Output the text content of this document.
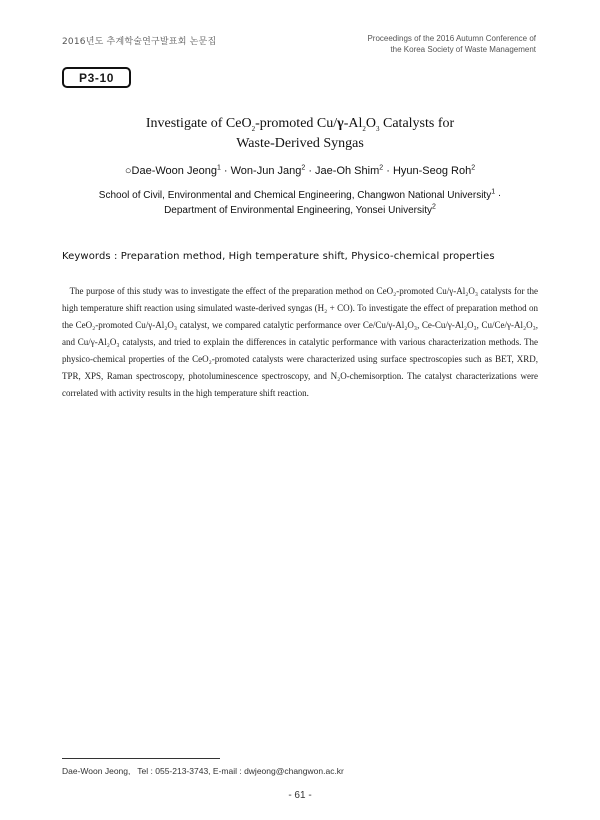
2016년도 추계학술연구발표회 논문집	Proceedings of the 2016 Autumn Conference of
the Korea Society of Waste Management
P3-10
Investigate of CeO$_2$-promoted $Cu/\gamma-Al_2O_3$ Catalysts for
Waste-Derived Syngas
○Dae-Woon Jeong$^1$ · Won-Jun Jang$^2$ · Jae-Oh Shim$^2$ · Hyun-Seog Roh$^2$
School of Civil, Environmental and Chemical Engineering, Changwon National University$^1$ ·
Department of Environmental Engineering, Yonsei University$^2$
Keywords : Preparation method, High temperature shift, Physico-chemical properties
The purpose of this study was to investigate the effect of the preparation method on CeO₂-promoted Cu/γ-Al₂O₃ catalysts for the high temperature shift reaction using simulated waste-derived syngas (H₂ + CO). To investigate the effect of preparation method on the CeO₂-promoted Cu/γ-Al₂O₃ catalyst, we compared catalytic performance over Ce/Cu/γ-Al₂O₃, Ce-Cu/γ-Al₂O₃, Cu/Ce/γ-Al₂O₃, and Cu/γ-Al₂O₃ catalysts, and tried to explain the differences in catalytic performance with various characterization methods. The physico-chemical properties of the CeO₂-promoted catalysts were characterized using surface spectroscopies such as BET, XRD, TPR, XPS, Raman spectroscopy, photoluminescence spectroscopy, and N₂O-chemisorption. The catalyst characterizations were correlated with activity results in the high temperature shift reaction.
Dae-Woon Jeong,   Tel : 055-213-3743, E-mail : dwjeong@changwon.ac.kr
- 61 -
